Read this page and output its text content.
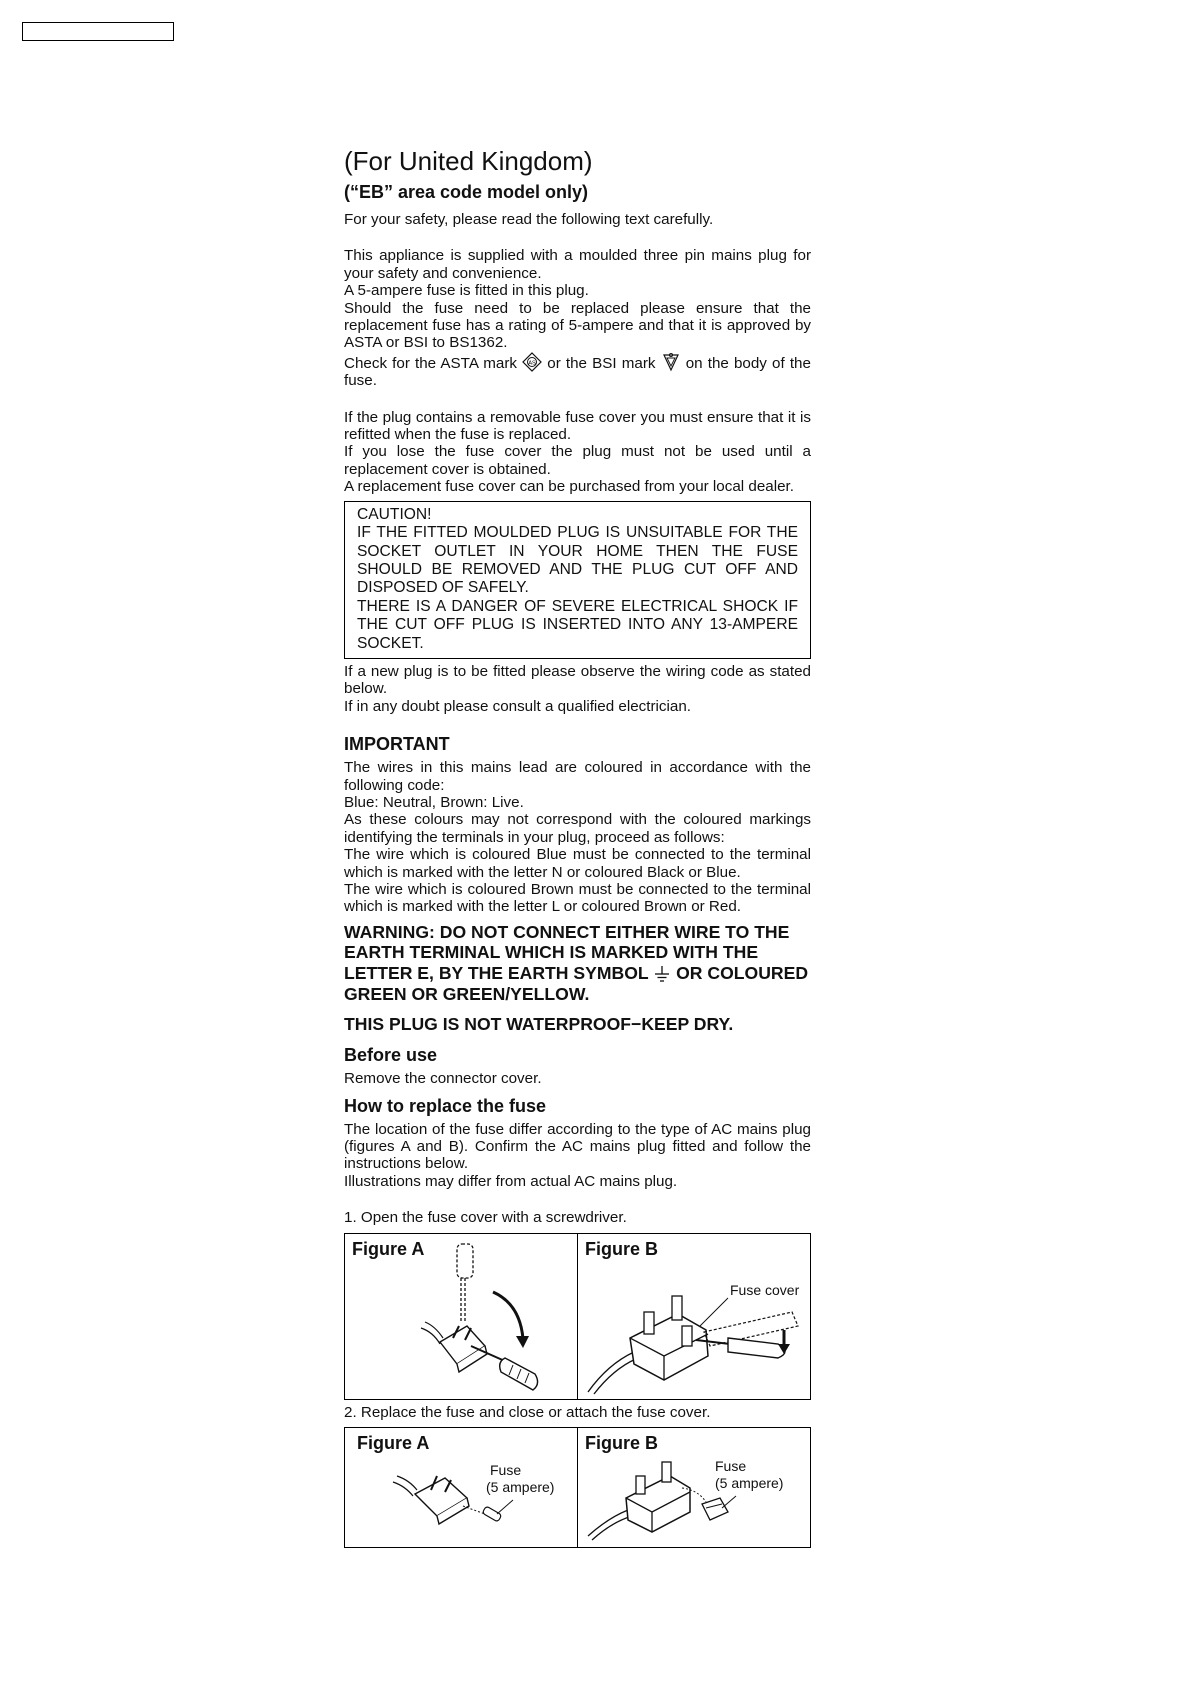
(For United Kingdom)
(“EB” area code model only)

For your safety, please read the following text carefully.

This appliance is supplied with a moulded three pin mains plug for your safety and convenience.

A 5-ampere fuse is fitted in this plug.

Should the fuse need to be replaced please ensure that the replacement fuse has a rating of 5-ampere and that it is approved by ASTA or BSI to BS1362.

Check for the ASTA mark AS or the BSI mark on the body of the fuse.

If the plug contains a removable fuse cover you must ensure that it is refitted when the fuse is replaced.

If you lose the fuse cover the plug must not be used until a replacement cover is obtained.

A replacement fuse cover can be purchased from your local dealer.

CAUTION!

IF THE FITTED MOULDED PLUG IS UNSUITABLE FOR THE SOCKET OUTLET IN YOUR HOME THEN THE FUSE SHOULD BE REMOVED AND THE PLUG CUT OFF AND DISPOSED OF SAFELY.

THERE IS A DANGER OF SEVERE ELECTRICAL SHOCK IF THE CUT OFF PLUG IS INSERTED INTO ANY 13-AMPERE SOCKET.

If a new plug is to be fitted please observe the wiring code as stated below.

If in any doubt please consult a qualified electrician.

IMPORTANT

The wires in this mains lead are coloured in accordance with the following code:

Blue: Neutral, Brown: Live.

As these colours may not correspond with the coloured markings identifying the terminals in your plug, proceed as follows:

The wire which is coloured Blue must be connected to the terminal which is marked with the letter N or coloured Black or Blue.

The wire which is coloured Brown must be connected to the terminal which is marked with the letter L or coloured Brown or Red.

WARNING: DO NOT CONNECT EITHER WIRE TO THE EARTH TERMINAL WHICH IS MARKED WITH THE LETTER E, BY THE EARTH SYMBOL OR COLOURED GREEN OR GREEN/YELLOW.

THIS PLUG IS NOT WATERPROOF−KEEP DRY.

Before use

Remove the connector cover.

How to replace the fuse

The location of the fuse differ according to the type of AC mains plug (figures A and B). Confirm the AC mains plug fitted and follow the instructions below.

Illustrations may differ from actual AC mains plug.

1. Open the fuse cover with a screwdriver.

Figure A	Figure B
Fuse cover

2. Replace the fuse and close or attach the fuse cover.

Figure A
Fuse
(5 ampere)
Figure B
Fuse
(5 ampere)
